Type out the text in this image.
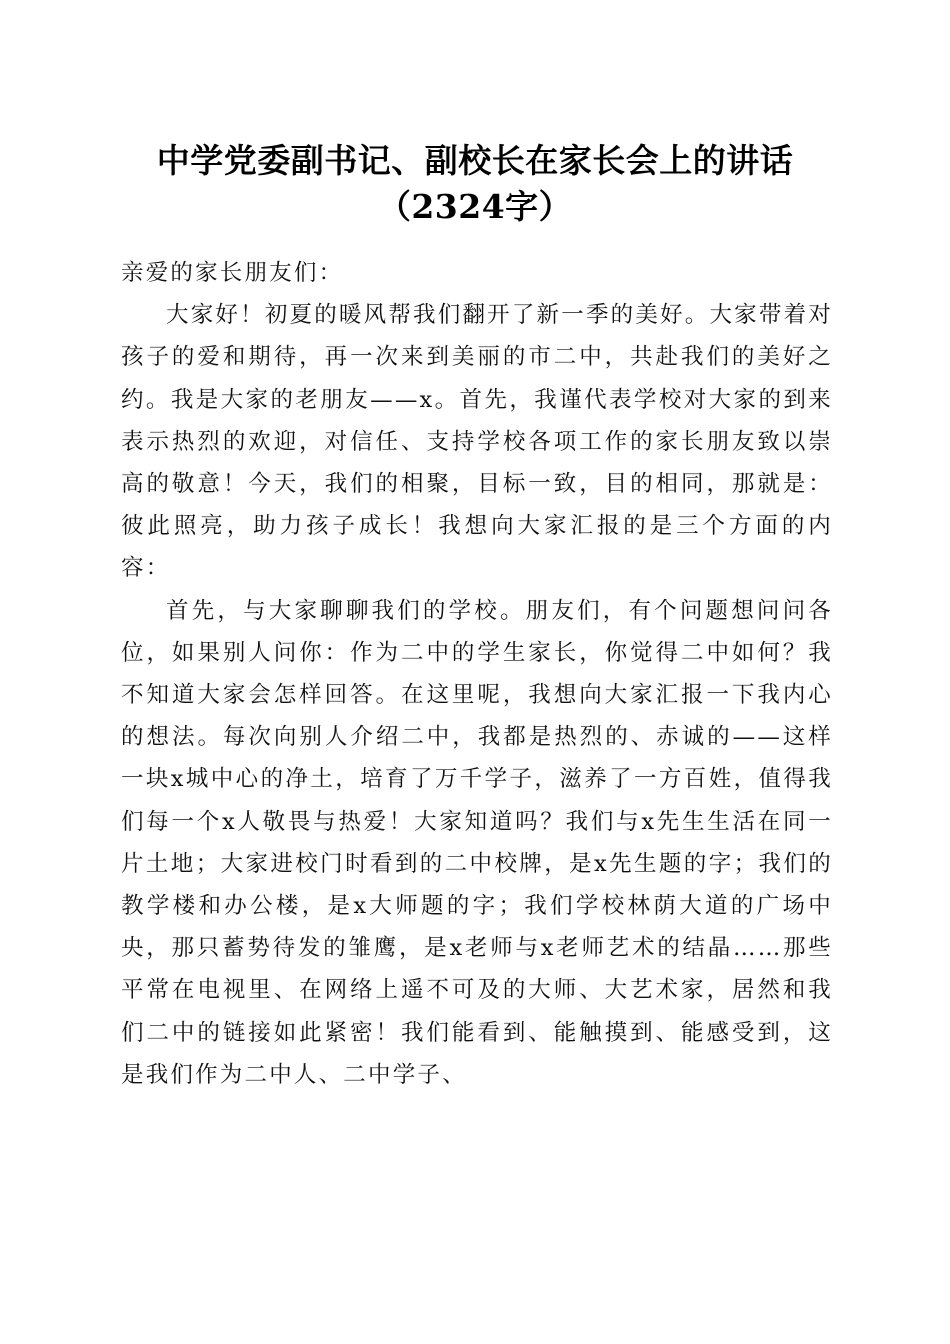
中学党委副书记、副校长在家长会上的讲话
（2324字）

亲爱的家长朋友们：

大家好！初夏的暖风帮我们翻开了新一季的美好。大家带着对孩子的爱和期待，再一次来到美丽的市二中，共赴我们的美好之约。我是大家的老朋友——x。首先，我谨代表学校对大家的到来表示热烈的欢迎，对信任、支持学校各项工作的家长朋友致以崇高的敬意！今天，我们的相聚，目标一致，目的相同，那就是：彼此照亮，助力孩子成长！我想向大家汇报的是三个方面的内容：

首先，与大家聊聊我们的学校。朋友们，有个问题想问问各位，如果别人问你：作为二中的学生家长，你觉得二中如何？我不知道大家会怎样回答。在这里呢，我想向大家汇报一下我内心的想法。每次向别人介绍二中，我都是热烈的、赤诚的——这样一块x城中心的净土，培育了万千学子，滋养了一方百姓，值得我们每一个x人敬畏与热爱！大家知道吗？我们与x先生生活在同一片土地；大家进校门时看到的二中校牌，是x先生题的字；我们的教学楼和办公楼，是x大师题的字；我们学校林荫大道的广场中央，那只蓄势待发的雏鹰，是x老师与x老师艺术的结晶……那些平常在电视里、在网络上遥不可及的大师、大艺术家，居然和我们二中的链接如此紧密！我们能看到、能触摸到、能感受到，这是我们作为二中人、二中学子、
